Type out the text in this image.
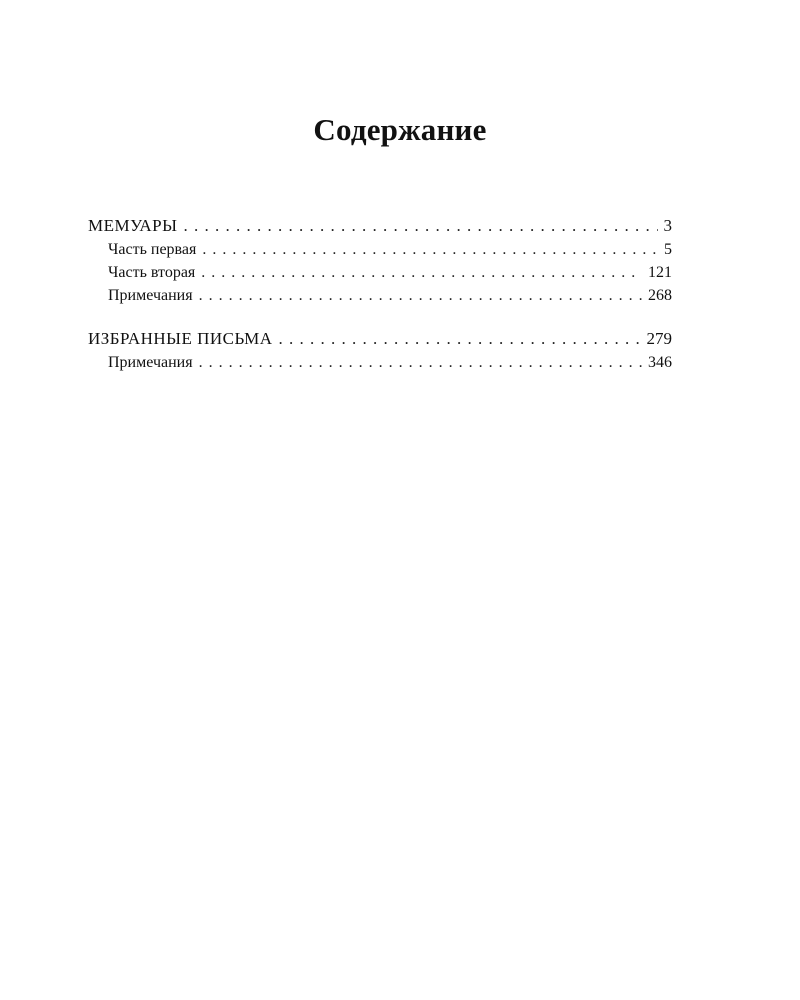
Содержание
МЕМУАРЫ . . .	3
Часть первая . . .	5
Часть вторая . . .	121
Примечания . . .	268
ИЗБРАННЫЕ ПИСЬМА . . .	279
Примечания . . .	346
